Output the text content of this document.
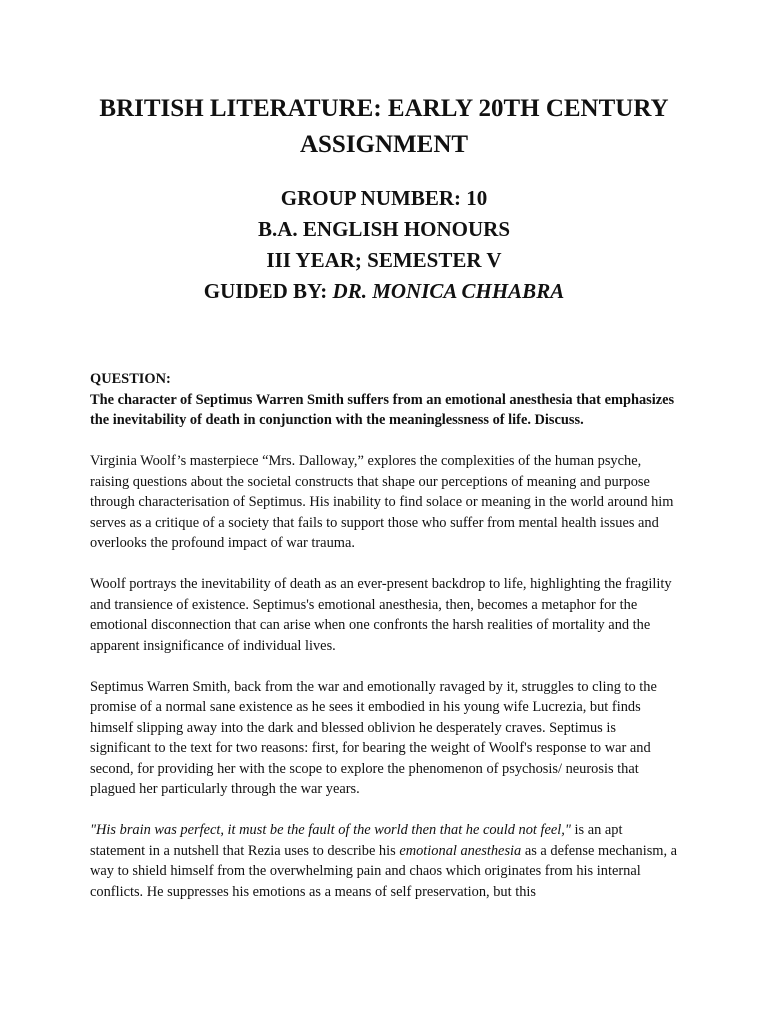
BRITISH LITERATURE: EARLY 20TH CENTURY
ASSIGNMENT
GROUP NUMBER: 10
B.A. ENGLISH HONOURS
III YEAR; SEMESTER V
GUIDED BY: DR. MONICA CHHABRA
QUESTION:
The character of Septimus Warren Smith suffers from an emotional anesthesia that emphasizes the inevitability of death in conjunction with the meaninglessness of life. Discuss.

Virginia Woolf’s masterpiece “Mrs. Dalloway,” explores the complexities of the human psyche, raising questions about the societal constructs that shape our perceptions of meaning and purpose through characterisation of Septimus. His inability to find solace or meaning in the world around him serves as a critique of a society that fails to support those who suffer from mental health issues and overlooks the profound impact of war trauma.

Woolf portrays the inevitability of death as an ever-present backdrop to life, highlighting the fragility and transience of existence. Septimus's emotional anesthesia, then, becomes a metaphor for the emotional disconnection that can arise when one confronts the harsh realities of mortality and the apparent insignificance of individual lives.

Septimus Warren Smith, back from the war and emotionally ravaged by it, struggles to cling to the promise of a normal sane existence as he sees it embodied in his young wife Lucrezia, but finds himself slipping away into the dark and blessed oblivion he desperately craves. Septimus is significant to the text for two reasons: first, for bearing the weight of Woolf's response to war and second, for providing her with the scope to explore the phenomenon of psychosis/ neurosis that plagued her particularly through the war years.

"His brain was perfect, it must be the fault of the world then that he could not feel," is an apt statement in a nutshell that Rezia uses to describe his emotional anesthesia as a defense mechanism, a way to shield himself from the overwhelming pain and chaos which originates from his internal conflicts. He suppresses his emotions as a means of self preservation, but this
